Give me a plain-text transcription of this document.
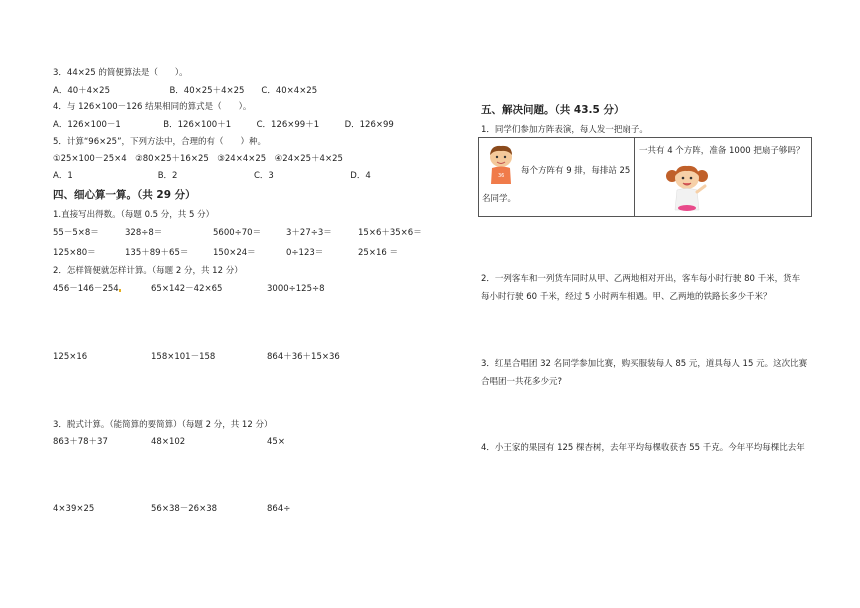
3．44×25 的简便算法是（　　）。
A．40＋4×25　　　　　　　B．40×25＋4×25　　C．40×4×25
4．与 126×100－126 结果相同的算式是（　　）。
A．126×100－1　　　　　B．126×100＋1　　　C．126×99＋1　　　D．126×99
5．计算“96×25”，下列方法中，合理的有（　　）种。
①25×100－25×4　②80×25＋16×25　③24×4×25　④24×25＋4×25
A．1　　　　　　　　　　B．2　　　　　　　　　C．3　　　　　　　　　D．4
四、细心算一算。（共 29 分）
1.直接写出得数。（每题 0.5 分，共 5 分）
55－5×8＝	328÷8＝	5600÷70＝	3＋27÷3＝	15×6＋35×6＝
125×80＝	135＋89＋65＝	150×24＝	0÷123＝	25×16 ＝
2．怎样简便就怎样计算。（每题 2 分，共 12 分）
456－146－254	65×142－42×65	3000÷125÷8
125×16	158×101－158	864＋36＋15×36
3．脱式计算。（能简算的要简算）（每题 2 分，共 12 分）
863＋78＋37	48×102	45×
4×39×25	56×38－26×38	864÷
五、解决问题。（共 43.5 分）
1．同学们参加方阵表演，每人发一把扇子。
36 每个方阵有 9 排，每排站 25
名同学。
一共有 4 个方阵，准备 1000 把扇子够吗？
2．一列客车和一列货车同时从甲、乙两地相对开出，客车每小时行驶 80 千米，货车
每小时行驶 60 千米，经过 5 小时两车相遇。甲、乙两地的铁路长多少千米？
3．红星合唱团 32 名同学参加比赛，购买服装每人 85 元，道具每人 15 元。这次比赛
合唱团一共花多少元?
4．小王家的果园有 125 棵杏树，去年平均每棵收获杏 55 千克。今年平均每棵比去年
